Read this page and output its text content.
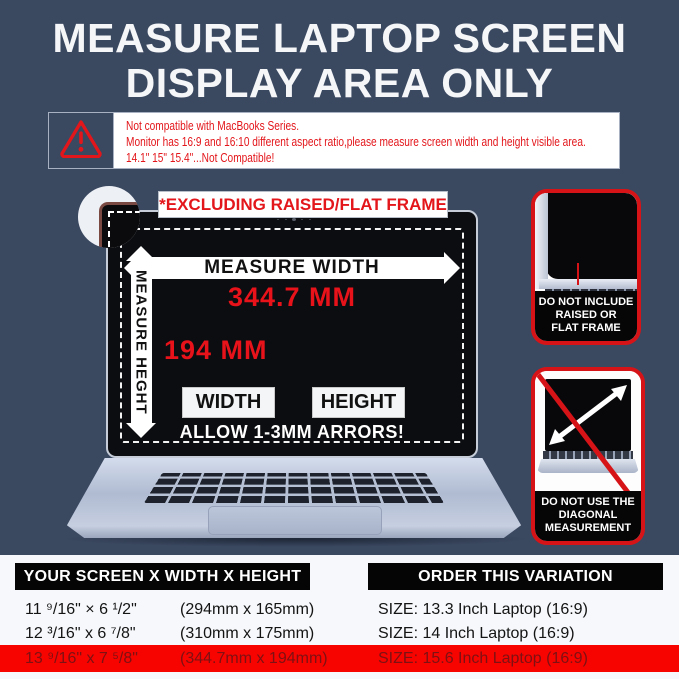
MEASURE LAPTOP SCREEN
DISPLAY AREA ONLY
Not compatible with MacBooks Series.
Monitor has 16:9 and 16:10 different aspect ratio,please measure screen width and height visible area.
14.1" 15" 15.4"...Not Compatible!
*EXCLUDING RAISED/FLAT FRAME
MEASURE WIDTH
344.7 MM
MEASURE HEGHT 194 MM
WIDTH	HEIGHT
ALLOW 1-3MM ARRORS!
DO NOT INCLUDE
RAISED OR
FLAT FRAME
DO NOT USE THE
DIAGONAL
MEASUREMENT
YOUR SCREEN X WIDTH X HEIGHT	ORDER THIS VARIATION
11 ⁹/16" × 6 ¹/2"	(294mm x 165mm)	SIZE: 13.3 Inch Laptop (16:9)
12 ³/16" x 6 ⁷/8"	(310mm x 175mm)	SIZE: 14 Inch Laptop (16:9)
13 ⁹/16" x 7 ⁵/8"	(344.7mm x 194mm)	SIZE: 15.6 Inch Laptop (16:9)
